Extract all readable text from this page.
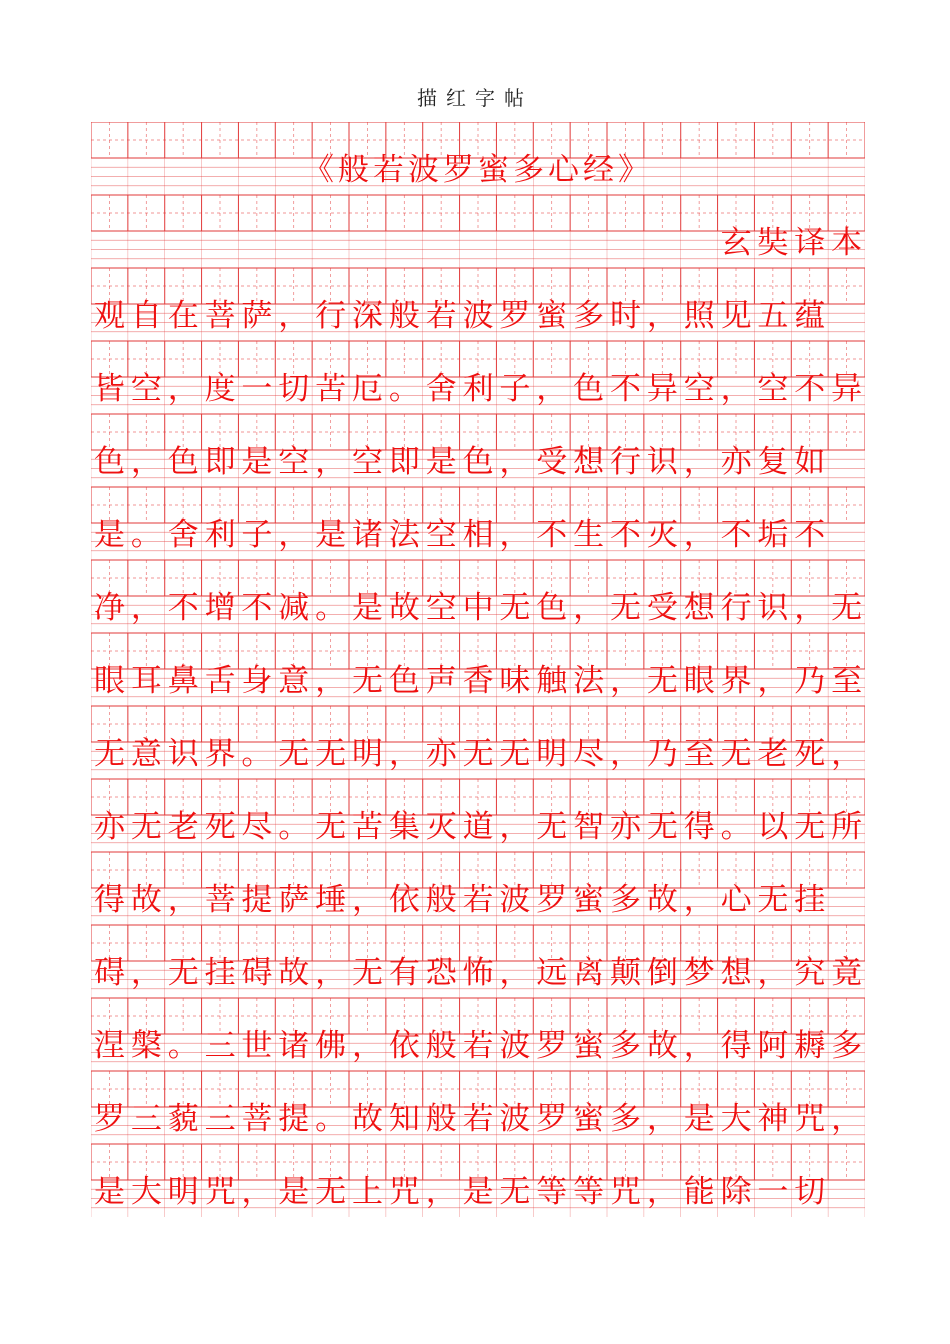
描红字帖
《般若波罗蜜多心经》
玄 奘 译 本
观 自 在 菩 萨 ， 行 深 般 若 波 罗 蜜 多 时 ， 照 见 五 蕴
皆 空 ， 度 一 切 苦 厄 。 舍 利 子 ， 色 不 异 空 ， 空 不 异
色 ， 色 即 是 空 ， 空 即 是 色 ， 受 想 行 识 ， 亦 复 如
是 。 舍 利 子 ， 是 诸 法 空 相 ， 不 生 不 灭 ， 不 垢 不
净 ， 不 增 不 减 。 是 故 空 中 无 色 ， 无 受 想 行 识 ， 无
眼 耳 鼻 舌 身 意 ， 无 色 声 香 味 触 法 ， 无 眼 界 ， 乃 至
无 意 识 界 。 无 无 明 ， 亦 无 无 明 尽 ， 乃 至 无 老 死 ，
亦 无 老 死 尽 。 无 苦 集 灭 道 ， 无 智 亦 无 得 。 以 无 所
得 故 ， 菩 提 萨 埵 ， 依 般 若 波 罗 蜜 多 故 ， 心 无 挂
碍 ， 无 挂 碍 故 ， 无 有 恐 怖 ， 远 离 颠 倒 梦 想 ， 究 竟
涅 槃 。 三 世 诸 佛 ， 依 般 若 波 罗 蜜 多 故 ， 得 阿 耨 多
罗 三 藐 三 菩 提 。 故 知 般 若 波 罗 蜜 多 ， 是 大 神 咒 ，
是 大 明 咒 ， 是 无 上 咒 ， 是 无 等 等 咒 ， 能 除 一 切
